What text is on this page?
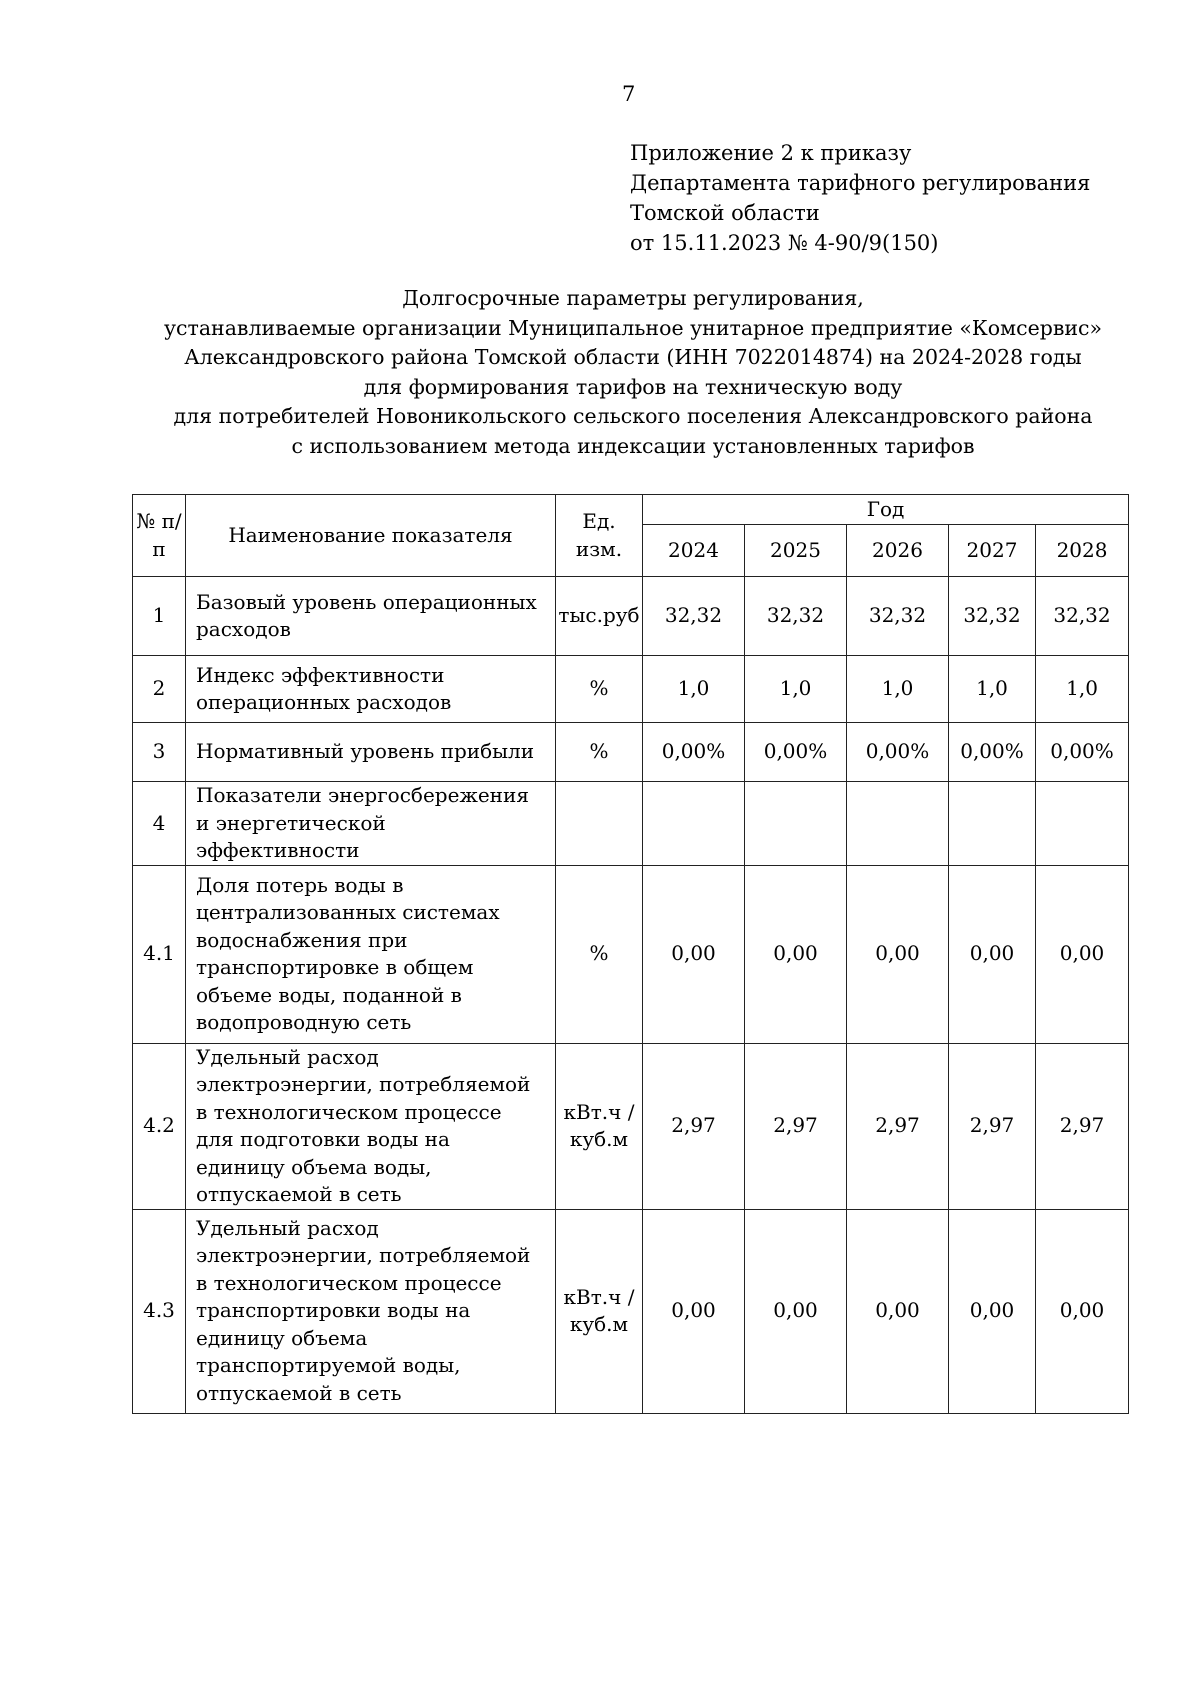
7
Приложение 2 к приказу
Департамента тарифного регулирования
Томской области
от 15.11.2023 № 4-90/9(150)
Долгосрочные параметры регулирования,
устанавливаемые организации Муниципальное унитарное предприятие «Комсервис»
Александровского района Томской области (ИНН 7022014874) на 2024-2028 годы
для формирования тарифов на техническую воду
для потребителей Новоникольского сельского поселения Александровского района
с использованием метода индексации установленных тарифов
№ п/п	Наименование показателя	Ед. изм.	Год				
			2024	2025	2026	2027	2028
1	Базовый уровень операционных расходов	тыс.руб	32,32	32,32	32,32	32,32	32,32
2	Индекс эффективности операционных расходов	%	1,0	1,0	1,0	1,0	1,0
3	Нормативный уровень прибыли	%	0,00%	0,00%	0,00%	0,00%	0,00%
4	Показатели энергосбережения и энергетической эффективности						
4.1	Доля потерь воды в централизованных системах водоснабжения при транспортировке в общем объеме воды, поданной в водопроводную сеть	%	0,00	0,00	0,00	0,00	0,00
4.2	Удельный расход электроэнергии, потребляемой в технологическом процессе для подготовки воды на единицу объема воды, отпускаемой в сеть	кВт.ч / куб.м	2,97	2,97	2,97	2,97	2,97
4.3	Удельный расход электроэнергии, потребляемой в технологическом процессе транспортировки воды на единицу объема транспортируемой воды, отпускаемой в сеть	кВт.ч / куб.м	0,00	0,00	0,00	0,00	0,00
